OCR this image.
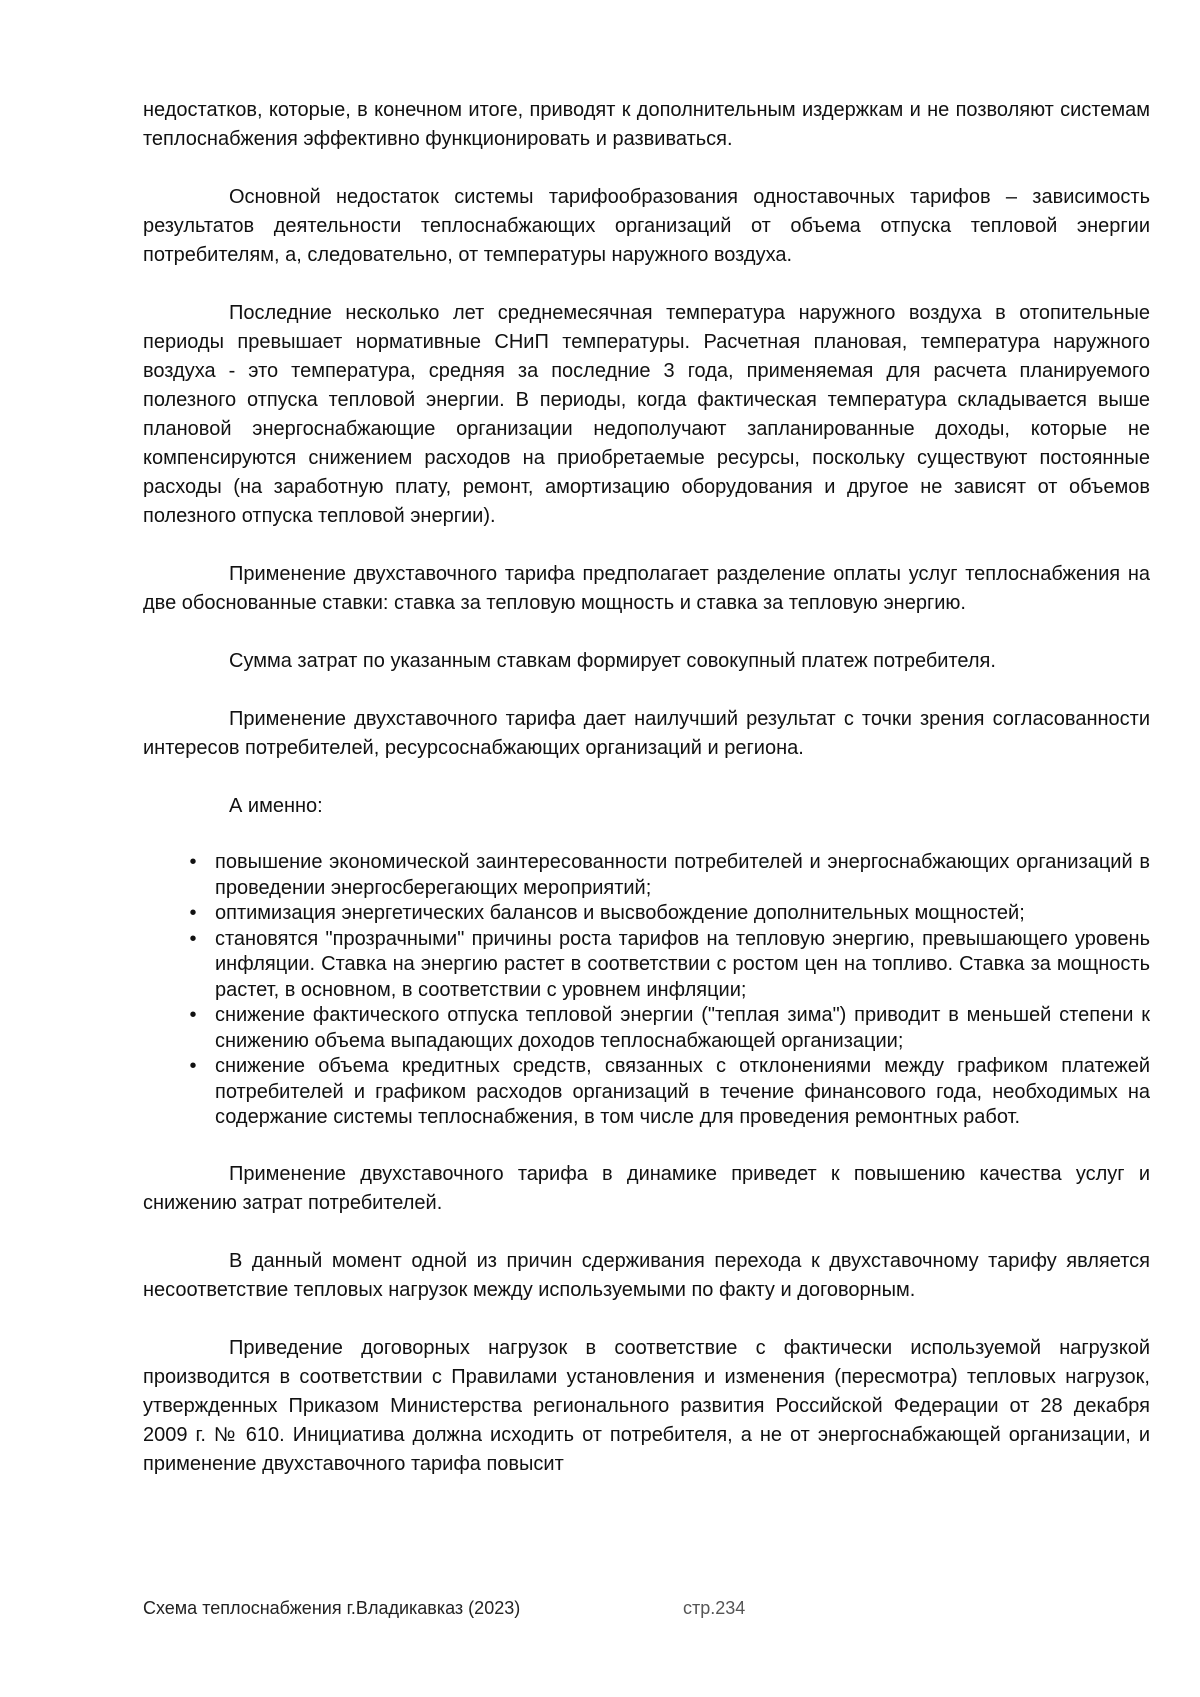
недостатков, которые, в конечном итоге, приводят к дополнительным издержкам и не позволяют системам теплоснабжения эффективно функционировать и развиваться.

Основной недостаток системы тарифообразования одноставочных тарифов – зависимость результатов деятельности теплоснабжающих организаций от объема отпуска тепловой энергии потребителям, а, следовательно, от температуры наружного воздуха.

Последние несколько лет среднемесячная температура наружного воздуха в отопительные периоды превышает нормативные СНиП температуры. Расчетная плановая, температура наружного воздуха - это температура, средняя за последние 3 года, применяемая для расчета планируемого полезного отпуска тепловой энергии. В периоды, когда фактическая температура складывается выше плановой энергоснабжающие организации недополучают запланированные доходы, которые не компенсируются снижением расходов на приобретаемые ресурсы, поскольку существуют постоянные расходы (на заработную плату, ремонт, амортизацию оборудования и другое не зависят от объемов полезного отпуска тепловой энергии).

Применение двухставочного тарифа предполагает разделение оплаты услуг теплоснабжения на две обоснованные ставки: ставка за тепловую мощность и ставка за тепловую энергию.

Сумма затрат по указанным ставкам формирует совокупный платеж потребителя.

Применение двухставочного тарифа дает наилучший результат с точки зрения согласованности интересов потребителей, ресурсоснабжающих организаций и региона.

А именно:

• повышение экономической заинтересованности потребителей и энергоснабжающих организаций в проведении энергосберегающих мероприятий;
• оптимизация энергетических балансов и высвобождение дополнительных мощностей;
• становятся "прозрачными" причины роста тарифов на тепловую энергию, превышающего уровень инфляции. Ставка на энергию растет в соответствии с ростом цен на топливо. Ставка за мощность растет, в основном, в соответствии с уровнем инфляции;
• снижение фактического отпуска тепловой энергии ("теплая зима") приводит в меньшей степени к снижению объема выпадающих доходов теплоснабжающей организации;
• снижение объема кредитных средств, связанных с отклонениями между графиком платежей потребителей и графиком расходов организаций в течение финансового года, необходимых на содержание системы теплоснабжения, в том числе для проведения ремонтных работ.

Применение двухставочного тарифа в динамике приведет к повышению качества услуг и снижению затрат потребителей.

В данный момент одной из причин сдерживания перехода к двухставочному тарифу является несоответствие тепловых нагрузок между используемыми по факту и договорным.

Приведение договорных нагрузок в соответствие с фактически используемой нагрузкой производится в соответствии с Правилами установления и изменения (пересмотра) тепловых нагрузок, утвержденных Приказом Министерства регионального развития Российской Федерации от 28 декабря 2009 г. № 610. Инициатива должна исходить от потребителя, а не от энергоснабжающей организации, и применение двухставочного тарифа повысит

Схема теплоснабжения г.Владикавказ (2023)	стр.234
